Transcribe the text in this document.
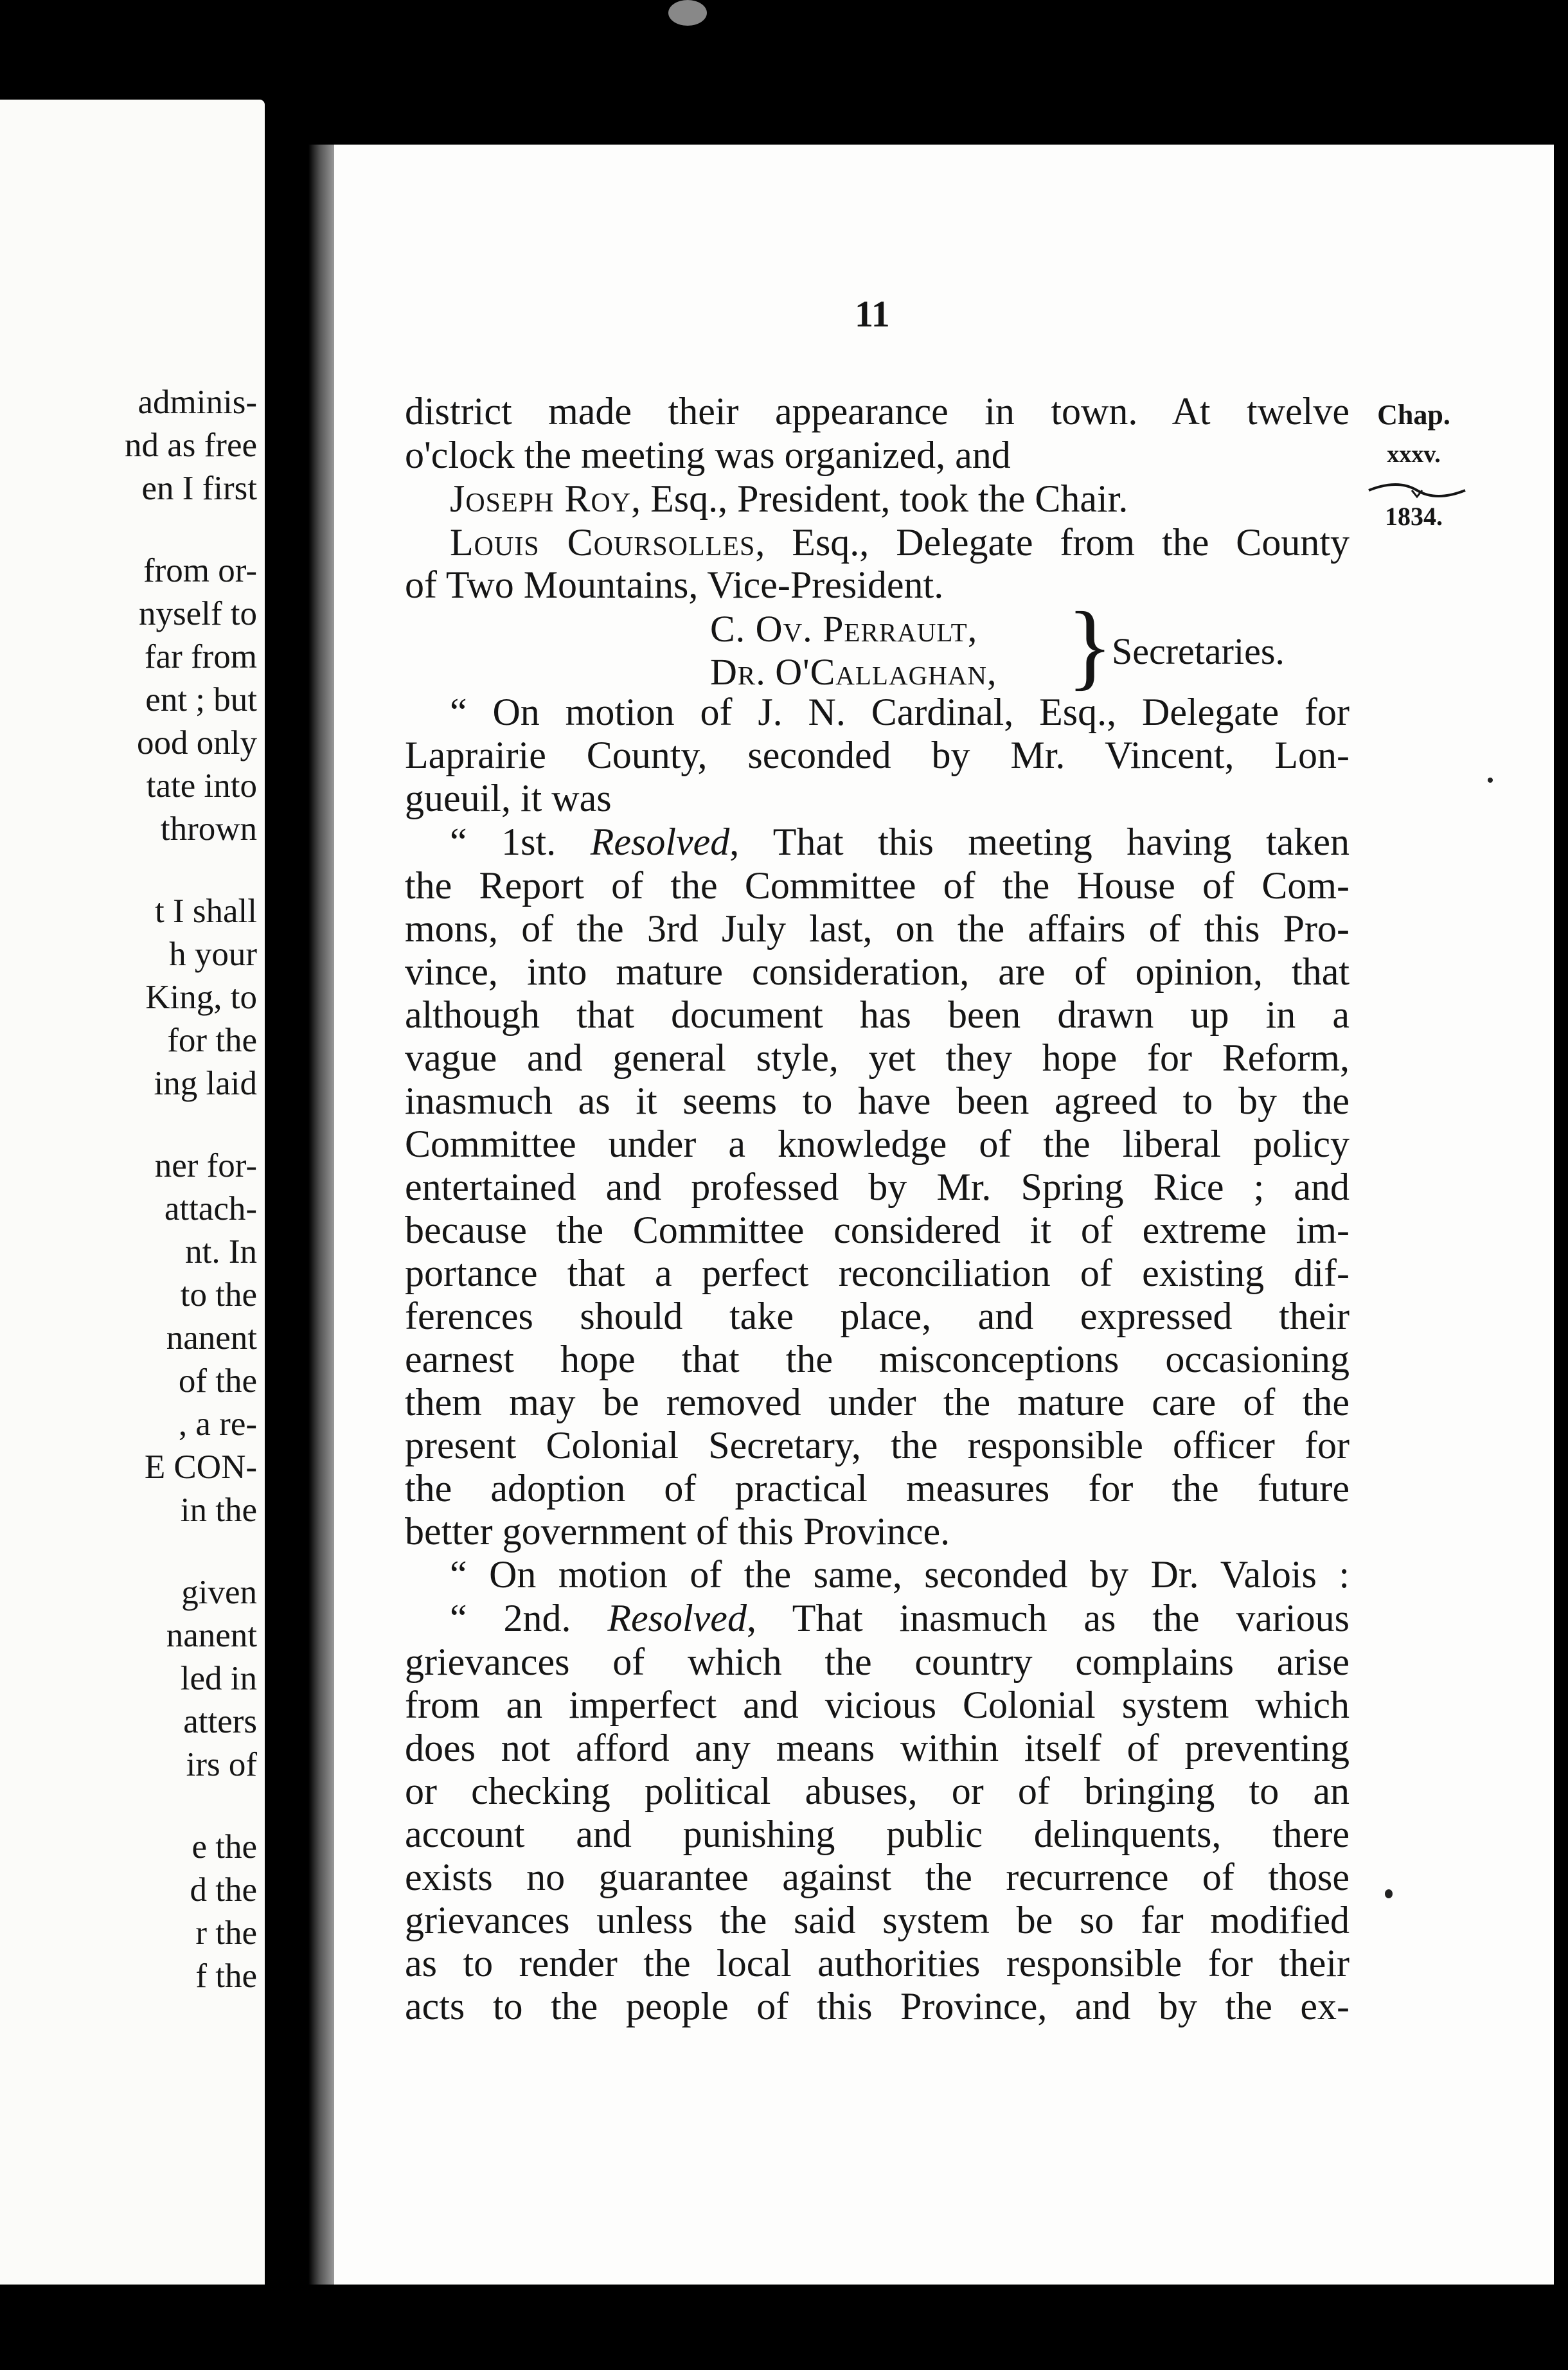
adminis-
nd as free
en I first
from or-
nyself to
far from
ent ; but
ood only
tate into
thrown
t I shall
h your
King, to
for the
ing laid
ner for-
attach-
nt. In
to the
nanent
of the
, a re-
E CON-
in the
given
nanent
led in
atters
irs of
e the
d the
r the
f the
11
Chap.
xxxv.
1834.
district made their appearance in town. At twelve
o'clock the meeting was organized, and
Joseph Roy, Esq., President, took the Chair.
Louis Coursolles, Esq., Delegate from the County
of Two Mountains, Vice-President.
C. Ov. Perrault,
Dr. O'Callaghan, }
Secretaries.
“ On motion of J. N. Cardinal, Esq., Delegate for
Laprairie County, seconded by Mr. Vincent, Lon-
gueuil, it was
“ 1st. Resolved, That this meeting having taken
the Report of the Committee of the House of Com-
mons, of the 3rd July last, on the affairs of this Pro-
vince, into mature consideration, are of opinion, that
although that document has been drawn up in a
vague and general style, yet they hope for Reform,
inasmuch as it seems to have been agreed to by the
Committee under a knowledge of the liberal policy
entertained and professed by Mr. Spring Rice ; and
because the Committee considered it of extreme im-
portance that a perfect reconciliation of existing dif-
ferences should take place, and expressed their
earnest hope that the misconceptions occasioning
them may be removed under the mature care of the
present Colonial Secretary, the responsible officer for
the adoption of practical measures for the future
better government of this Province.
“ On motion of the same, seconded by Dr. Valois :
“ 2nd. Resolved, That inasmuch as the various
grievances of which the country complains arise
from an imperfect and vicious Colonial system which
does not afford any means within itself of preventing
or checking political abuses, or of bringing to an
account and punishing public delinquents, there
exists no guarantee against the recurrence of those
grievances unless the said system be so far modified
as to render the local authorities responsible for their
acts to the people of this Province, and by the ex-
